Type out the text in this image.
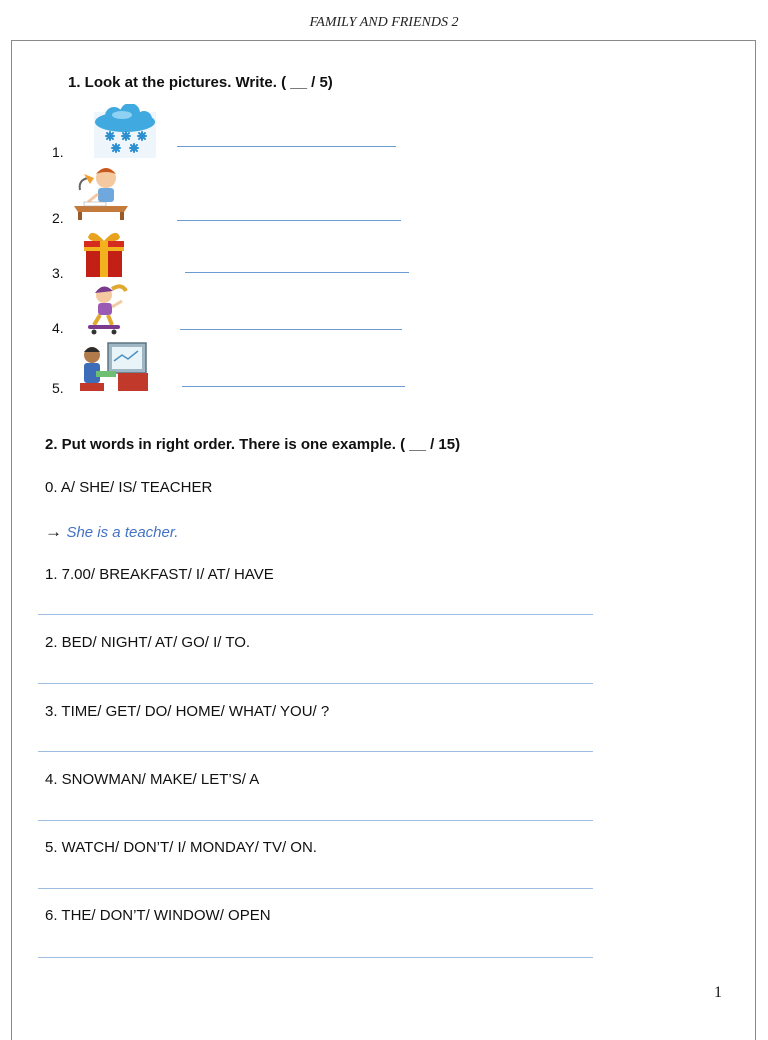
FAMILY AND FRIENDS 2
1. Look at the pictures. Write. ( __ / 5)
1.
2.
3.
4.
5.
2. Put words in right order. There is one example. ( __ / 15)
0. A/ SHE/ IS/ TEACHER
→ She is a teacher.
1. 7.00/ BREAKFAST/ I/ AT/ HAVE
2. BED/ NIGHT/ AT/ GO/ I/ TO.
3. TIME/ GET/ DO/ HOME/ WHAT/ YOU/ ?
4. SNOWMAN/ MAKE/ LET’S/ A
5. WATCH/ DON’T/ I/ MONDAY/ TV/ ON.
6. THE/ DON’T/ WINDOW/ OPEN
1
